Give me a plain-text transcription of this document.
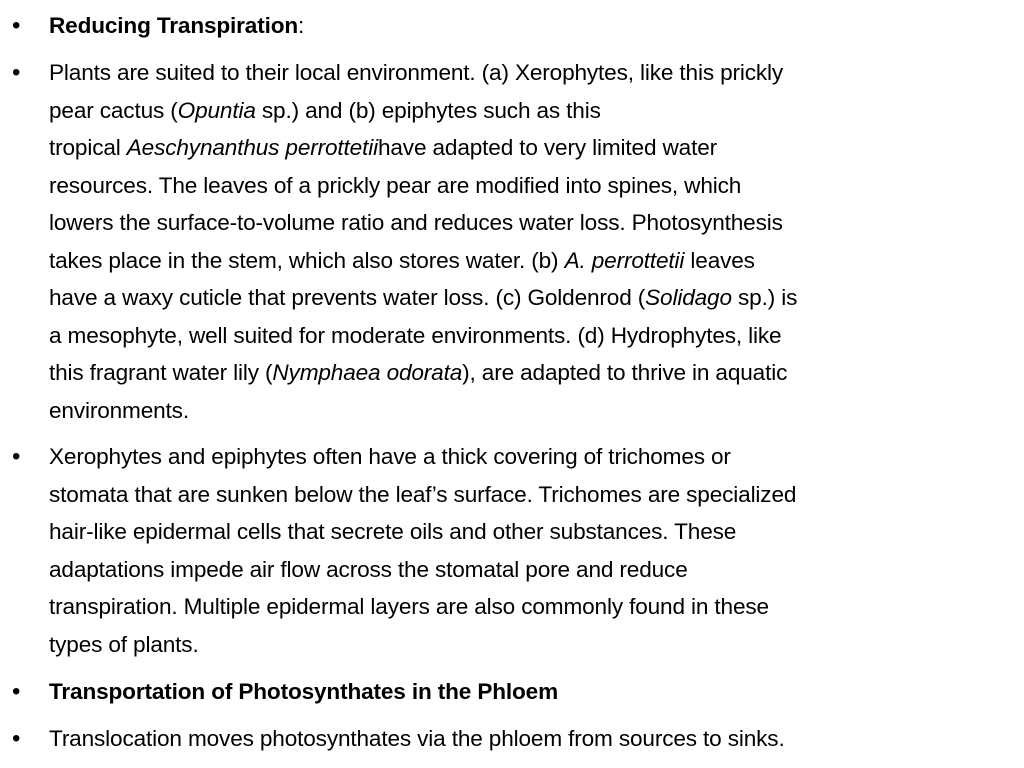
• Reducing Transpiration:
• Plants are suited to their local environment. (a) Xerophytes, like this prickly
pear cactus (Opuntia sp.) and (b) epiphytes such as this
tropical Aeschynanthus perrottetiihave adapted to very limited water
resources. The leaves of a prickly pear are modified into spines, which
lowers the surface-to-volume ratio and reduces water loss. Photosynthesis
takes place in the stem, which also stores water. (b) A. perrottetii leaves
have a waxy cuticle that prevents water loss. (c) Goldenrod (Solidago sp.) is
a mesophyte, well suited for moderate environments. (d) Hydrophytes, like
this fragrant water lily (Nymphaea odorata), are adapted to thrive in aquatic
environments.
• Xerophytes and epiphytes often have a thick covering of trichomes or
stomata that are sunken below the leaf’s surface. Trichomes are specialized
hair-like epidermal cells that secrete oils and other substances. These
adaptations impede air flow across the stomatal pore and reduce
transpiration. Multiple epidermal layers are also commonly found in these
types of plants.
• Transportation of Photosynthates in the Phloem
• Translocation moves photosynthates via the phloem from sources to sinks.
